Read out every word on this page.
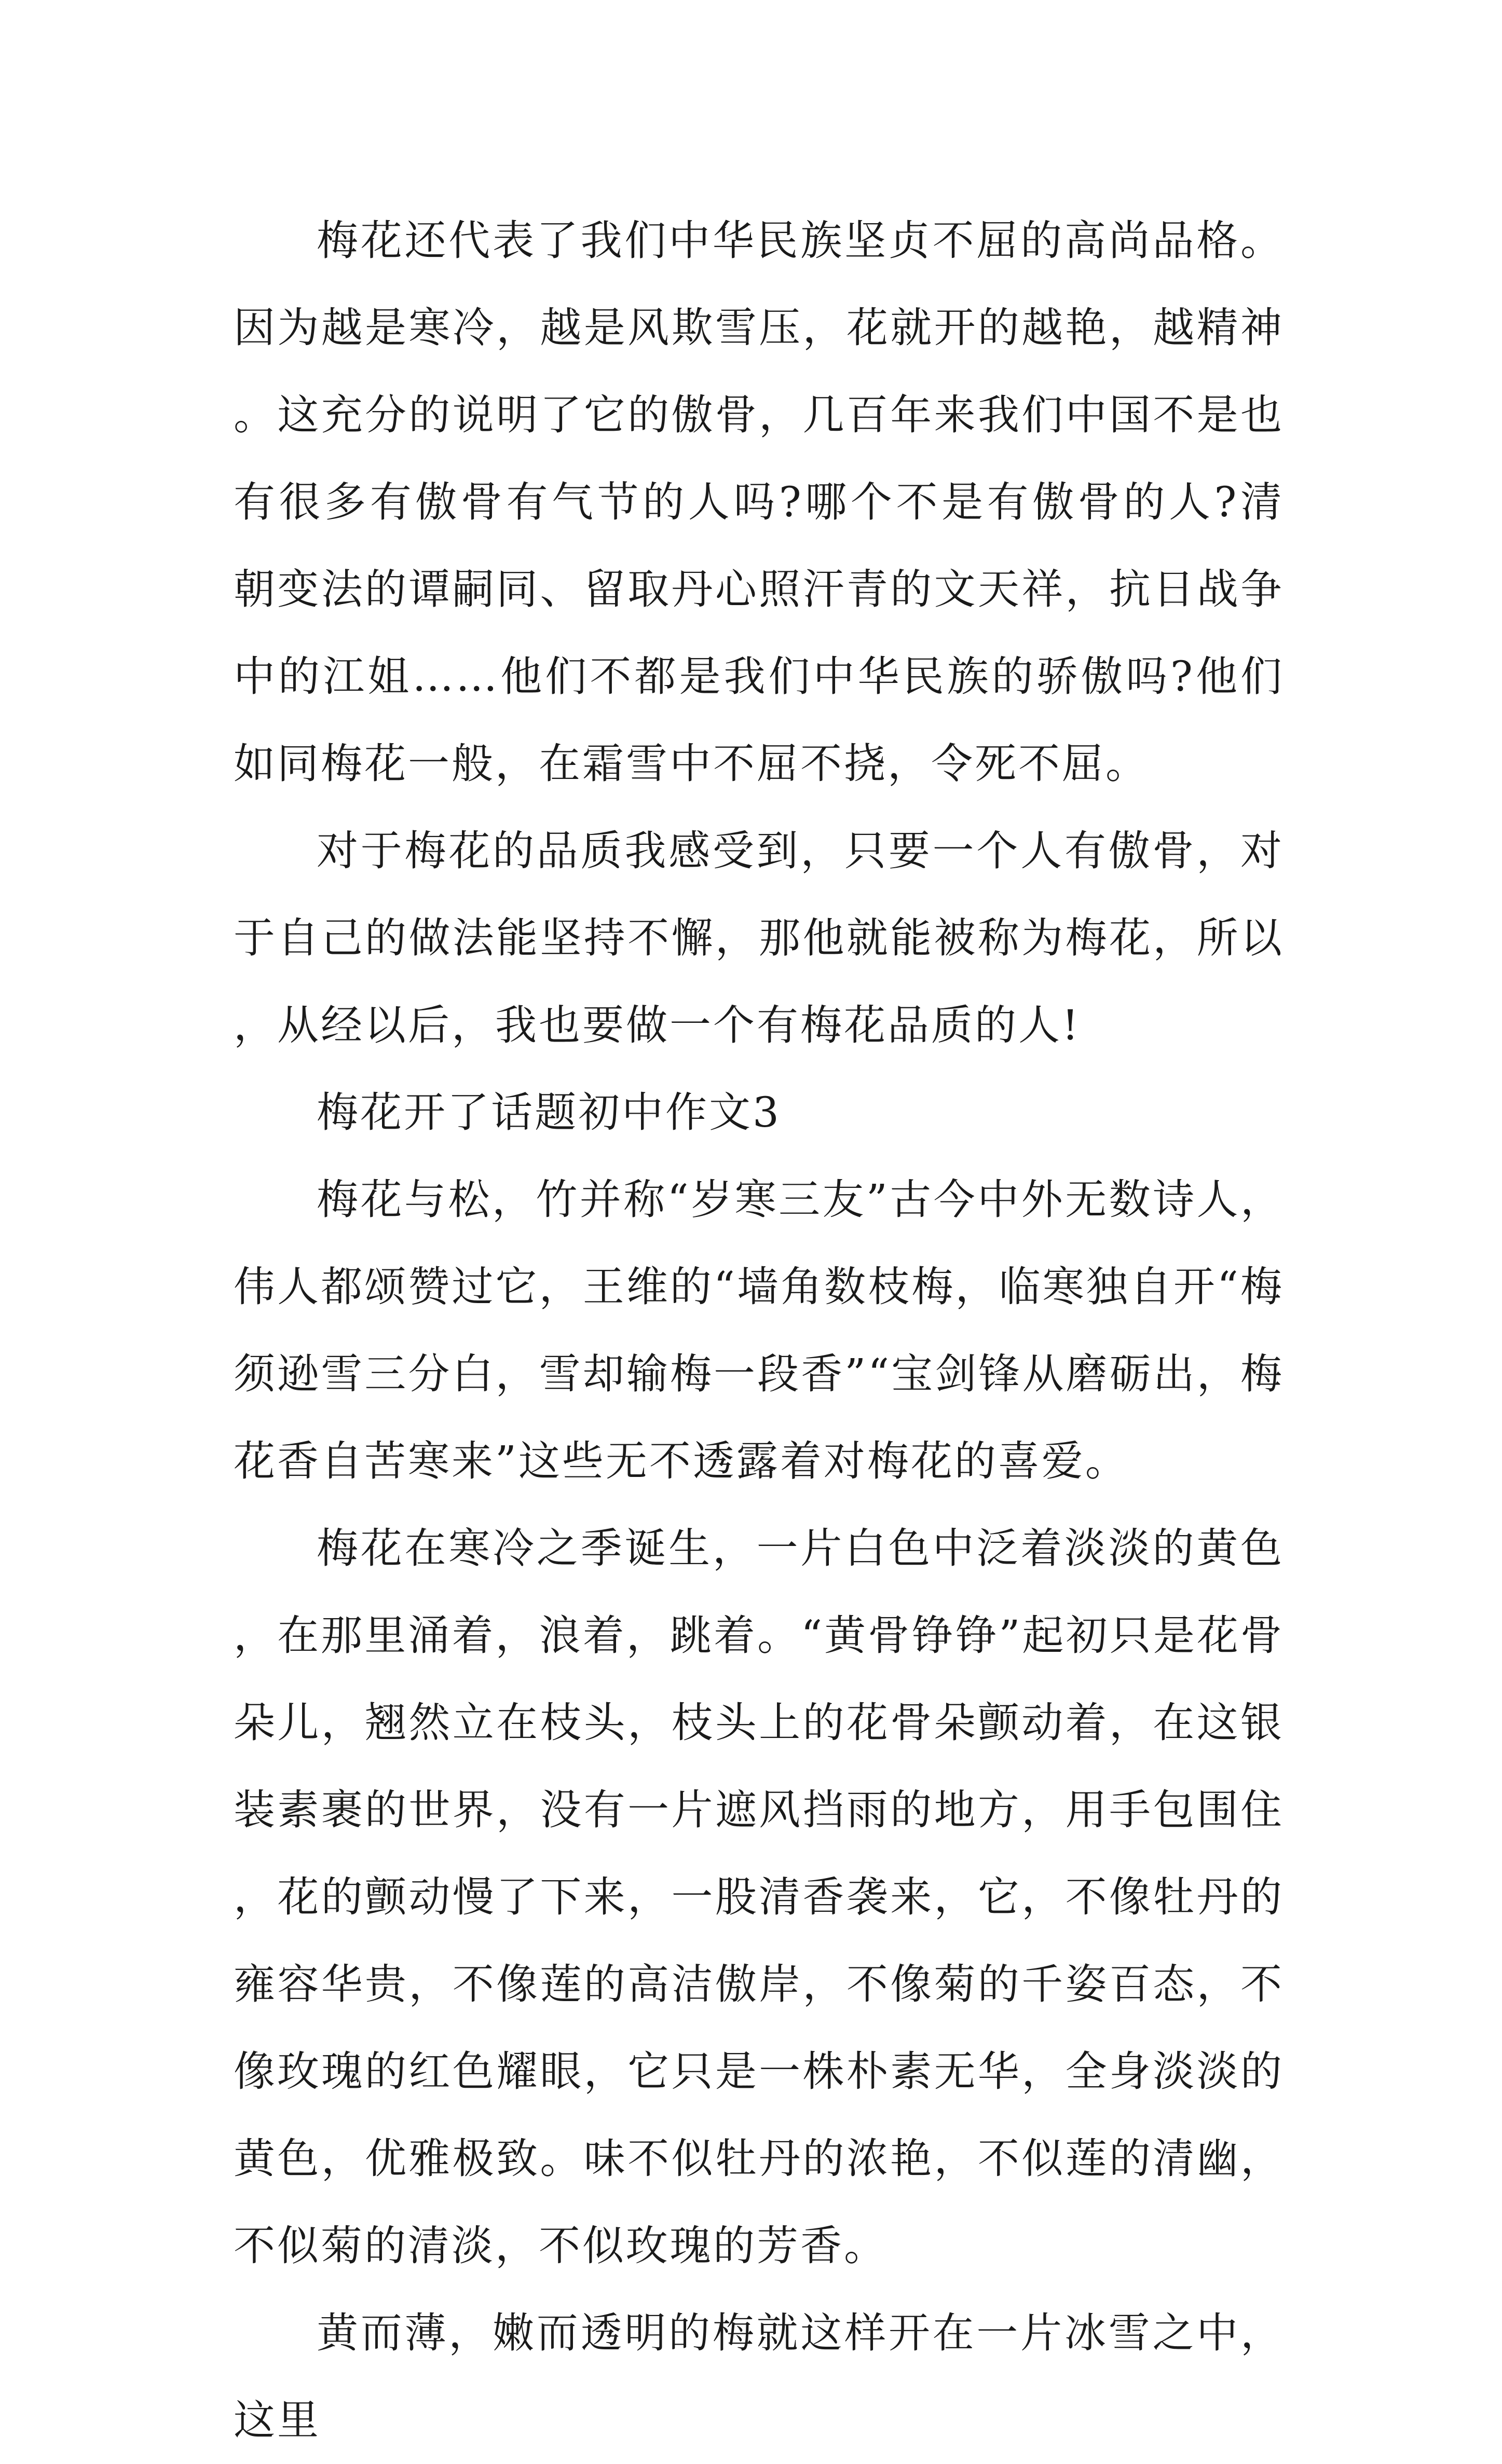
梅花还代表了我们中华民族坚贞不屈的高尚品格。因为越是寒冷，越是风欺雪压，花就开的越艳，越精神。这充分的说明了它的傲骨，几百年来我们中国不是也有很多有傲骨有气节的人吗?哪个不是有傲骨的人?清朝变法的谭嗣同、留取丹心照汗青的文天祥，抗日战争中的江姐……他们不都是我们中华民族的骄傲吗?他们如同梅花一般，在霜雪中不屈不挠，令死不屈。

对于梅花的品质我感受到，只要一个人有傲骨，对于自己的做法能坚持不懈，那他就能被称为梅花，所以，从经以后，我也要做一个有梅花品质的人!

梅花开了话题初中作文3

梅花与松，竹并称“岁寒三友”古今中外无数诗人，伟人都颂赞过它，王维的“墙角数枝梅，临寒独自开“梅须逊雪三分白，雪却输梅一段香”“宝剑锋从磨砺出，梅花香自苦寒来”这些无不透露着对梅花的喜爱。

梅花在寒冷之季诞生，一片白色中泛着淡淡的黄色，在那里涌着，浪着，跳着。“黄骨铮铮”起初只是花骨朵儿，翘然立在枝头，枝头上的花骨朵颤动着，在这银装素裹的世界，没有一片遮风挡雨的地方，用手包围住，花的颤动慢了下来，一股清香袭来，它，不像牡丹的雍容华贵，不像莲的高洁傲岸，不像菊的千姿百态，不像玫瑰的红色耀眼，它只是一株朴素无华，全身淡淡的黄色，优雅极致。味不似牡丹的浓艳，不似莲的清幽，不似菊的清淡，不似玫瑰的芳香。

黄而薄，嫩而透明的梅就这样开在一片冰雪之中，这里
